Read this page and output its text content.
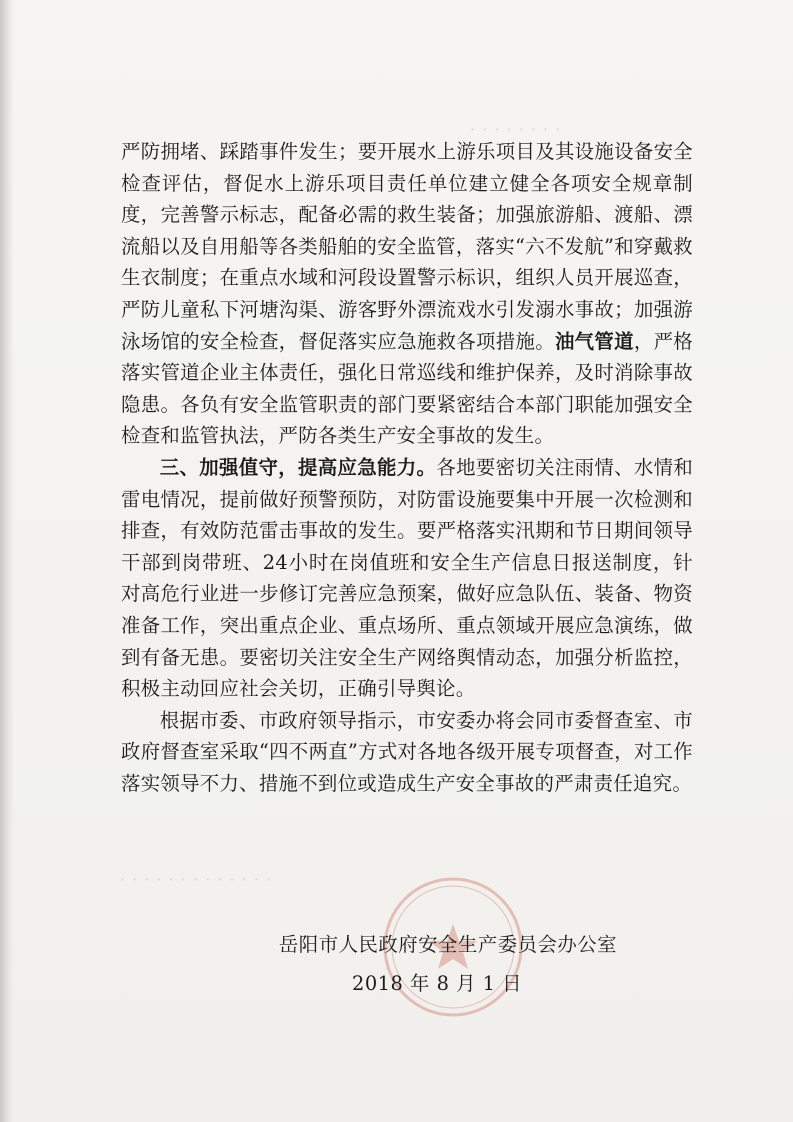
· · · · · · · ·
· · · · · · · · · · · · ·

严防拥堵、踩踏事件发生；要开展水上游乐项目及其设施设备安全检查评估，督促水上游乐项目责任单位建立健全各项安全规章制度，完善警示标志，配备必需的救生装备；加强旅游船、渡船、漂流船以及自用船等各类船舶的安全监管，落实“六不发航”和穿戴救生衣制度；在重点水域和河段设置警示标识，组织人员开展巡查，严防儿童私下河塘沟渠、游客野外漂流戏水引发溺水事故；加强游泳场馆的安全检查，督促落实应急施救各项措施。油气管道，严格落实管道企业主体责任，强化日常巡线和维护保养，及时消除事故隐患。各负有安全监管职责的部门要紧密结合本部门职能加强安全检查和监管执法，严防各类生产安全事故的发生。

三、加强值守，提高应急能力。各地要密切关注雨情、水情和雷电情况，提前做好预警预防，对防雷设施要集中开展一次检测和排查，有效防范雷击事故的发生。要严格落实汛期和节日期间领导干部到岗带班、24小时在岗值班和安全生产信息日报送制度，针对高危行业进一步修订完善应急预案，做好应急队伍、装备、物资准备工作，突出重点企业、重点场所、重点领域开展应急演练，做到有备无患。要密切关注安全生产网络舆情动态，加强分析监控，积极主动回应社会关切，正确引导舆论。

根据市委、市政府领导指示，市安委办将会同市委督查室、市政府督查室采取“四不两直”方式对各地各级开展专项督查，对工作落实领导不力、措施不到位或造成生产安全事故的严肃责任追究。

岳阳市人民政府安全生产委员会办公室
2018 年 8 月 1 日
